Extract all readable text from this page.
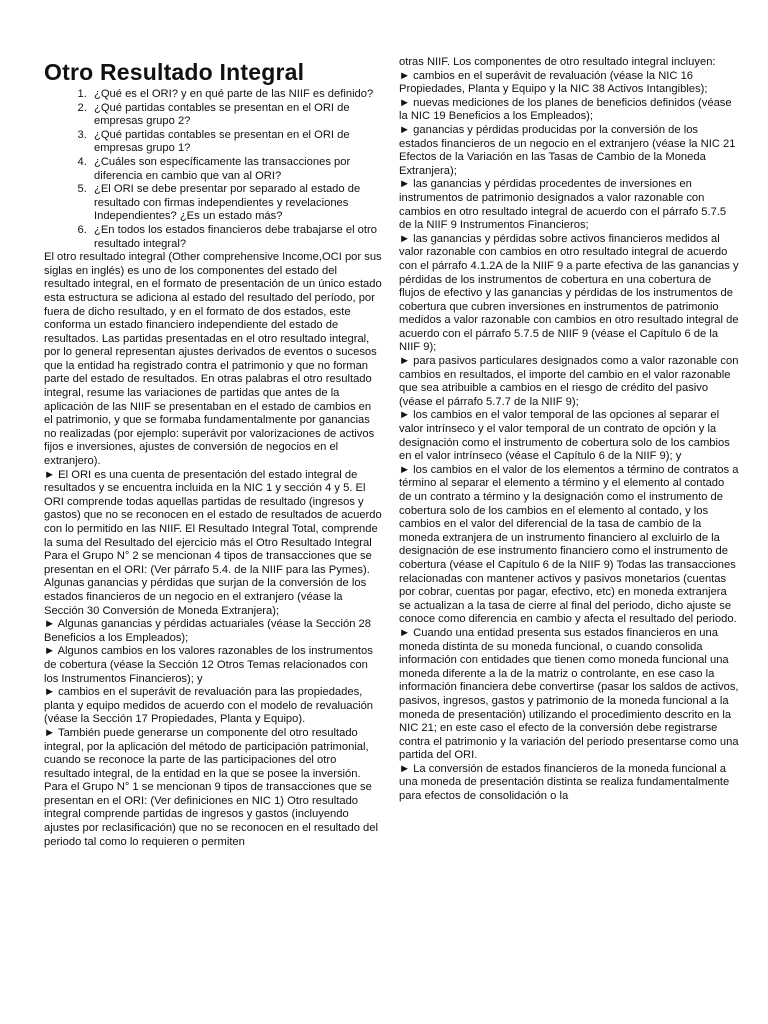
Otro Resultado Integral
1. ¿Qué es el ORI? y en qué parte de las NIIF es definido?
2. ¿Qué partidas contables se presentan en el ORI de empresas grupo 2?
3. ¿Qué partidas contables se presentan en el ORI de empresas grupo 1?
4. ¿Cuáles son específicamente las transacciones por diferencia en cambio que van al ORI?
5. ¿El ORI se debe presentar por separado al estado de resultado con firmas independientes y revelaciones Independientes? ¿Es un estado más?
6. ¿En todos los estados financieros debe trabajarse el otro resultado integral?

El otro resultado integral (Other comprehensive Income,OCI por sus siglas en inglés) es uno de los componentes del estado del resultado integral, en el formato de presentación de un único estado esta estructura se adiciona al estado del resultado del período, por fuera de dicho resultado, y en el formato de dos estados, este conforma un estado financiero independiente del estado de resultados. Las partidas presentadas en el otro resultado integral, por lo general representan ajustes derivados de eventos o sucesos que la entidad ha registrado contra el patrimonio y que no forman parte del estado de resultados. En otras palabras el otro resultado integral, resume las variaciones de partidas que antes de la aplicación de las NIIF se presentaban en el estado de cambios en el patrimonio, y que se formaba fundamentalmente por ganancias no realizadas (por ejemplo: superávit por valorizaciones de activos fijos e inversiones, ajustes de conversión de negocios en el extranjero).

► El ORI es una cuenta de presentación del estado integral de resultados y se encuentra incluida en la NIC 1 y sección 4 y 5. El ORI comprende todas aquellas partidas de resultado (ingresos y gastos) que no se reconocen en el estado de resultados de acuerdo con lo permitido en las NIIF. El Resultado Integral Total, comprende la suma del Resultado del ejercicio más el Otro Resultado Integral Para el Grupo N° 2 se mencionan 4 tipos de transacciones que se presentan en el ORI: (Ver párrafo 5.4. de la NIIF para las Pymes). Algunas ganancias y pérdidas que surjan de la conversión de los estados financieros de un negocio en el extranjero (véase la Sección 30 Conversión de Moneda Extranjera);

► Algunas ganancias y pérdidas actuariales (véase la Sección 28 Beneficios a los Empleados);

► Algunos cambios en los valores razonables de los instrumentos de cobertura (véase la Sección 12 Otros Temas relacionados con los Instrumentos Financieros); y

► cambios en el superávit de revaluación para las propiedades, planta y equipo medidos de acuerdo con el modelo de revaluación (véase la Sección 17 Propiedades, Planta y Equipo).

► También puede generarse un componente del otro resultado integral, por la aplicación del método de participación patrimonial, cuando se reconoce la parte de las participaciones del otro resultado integral, de la entidad en la que se posee la inversión. Para el Grupo N° 1 se mencionan 9 tipos de transacciones que se presentan en el ORI: (Ver definiciones en NIC 1) Otro resultado integral comprende partidas de ingresos y gastos (incluyendo ajustes por reclasificación) que no se reconocen en el resultado del periodo tal como lo requieren o permiten

otras NIIF. Los componentes de otro resultado integral incluyen:

► cambios en el superávit de revaluación (véase la NIC 16 Propiedades, Planta y Equipo y la NIC 38 Activos Intangibles);

► nuevas mediciones de los planes de beneficios definidos (véase la NIC 19 Beneficios a los Empleados);

► ganancias y pérdidas producidas por la conversión de los estados financieros de un negocio en el extranjero (véase la NIC 21 Efectos de la Variación en las Tasas de Cambio de la Moneda Extranjera);

► las ganancias y pérdidas procedentes de inversiones en instrumentos de patrimonio designados a valor razonable con cambios en otro resultado integral de acuerdo con el párrafo 5.7.5 de la NIIF 9 Instrumentos Financieros;

► las ganancias y pérdidas sobre activos financieros medidos al valor razonable con cambios en otro resultado integral de acuerdo con el párrafo 4.1.2A de la NIIF 9 a parte efectiva de las ganancias y pérdidas de los instrumentos de cobertura en una cobertura de flujos de efectivo y las ganancias y pérdidas de los instrumentos de cobertura que cubren inversiones en instrumentos de patrimonio medidos a valor razonable con cambios en otro resultado integral de acuerdo con el párrafo 5.7.5 de NIIF 9 (véase el Capítulo 6 de la NIIF 9);

► para pasivos particulares designados como a valor razonable con cambios en resultados, el importe del cambio en el valor razonable que sea atribuible a cambios en el riesgo de crédito del pasivo (véase el párrafo 5.7.7 de la NIIF 9);

► los cambios en el valor temporal de las opciones al separar el valor intrínseco y el valor temporal de un contrato de opción y la designación como el instrumento de cobertura solo de los cambios en el valor intrínseco (véase el Capítulo 6 de la NIIF 9); y

► los cambios en el valor de los elementos a término de contratos a término al separar el elemento a término y el elemento al contado de un contrato a término y la designación como el instrumento de cobertura solo de los cambios en el elemento al contado, y los cambios en el valor del diferencial de la tasa de cambio de la moneda extranjera de un instrumento financiero al excluirlo de la designación de ese instrumento financiero como el instrumento de cobertura (véase el Capítulo 6 de la NIIF 9) Todas las transacciones relacionadas con mantener activos y pasivos monetarios (cuentas por cobrar, cuentas por pagar, efectivo, etc) en moneda extranjera se actualizan a la tasa de cierre al final del periodo, dicho ajuste se conoce como diferencia en cambio y afecta el resultado del periodo.

► Cuando una entidad presenta sus estados financieros en una moneda distinta de su moneda funcional, o cuando consolida información con entidades que tienen como moneda funcional una moneda diferente a la de la matriz o controlante, en ese caso la información financiera debe convertirse (pasar los saldos de activos, pasivos, ingresos, gastos y patrimonio de la moneda funcional a la moneda de presentación) utilizando el procedimiento descrito en la NIC 21; en este caso el efecto de la conversión debe registrarse contra el patrimonio y la variación del periodo presentarse como una partida del ORI.

► La conversión de estados financieros de la moneda funcional a una moneda de presentación distinta se realiza fundamentalmente para efectos de consolidación o la
